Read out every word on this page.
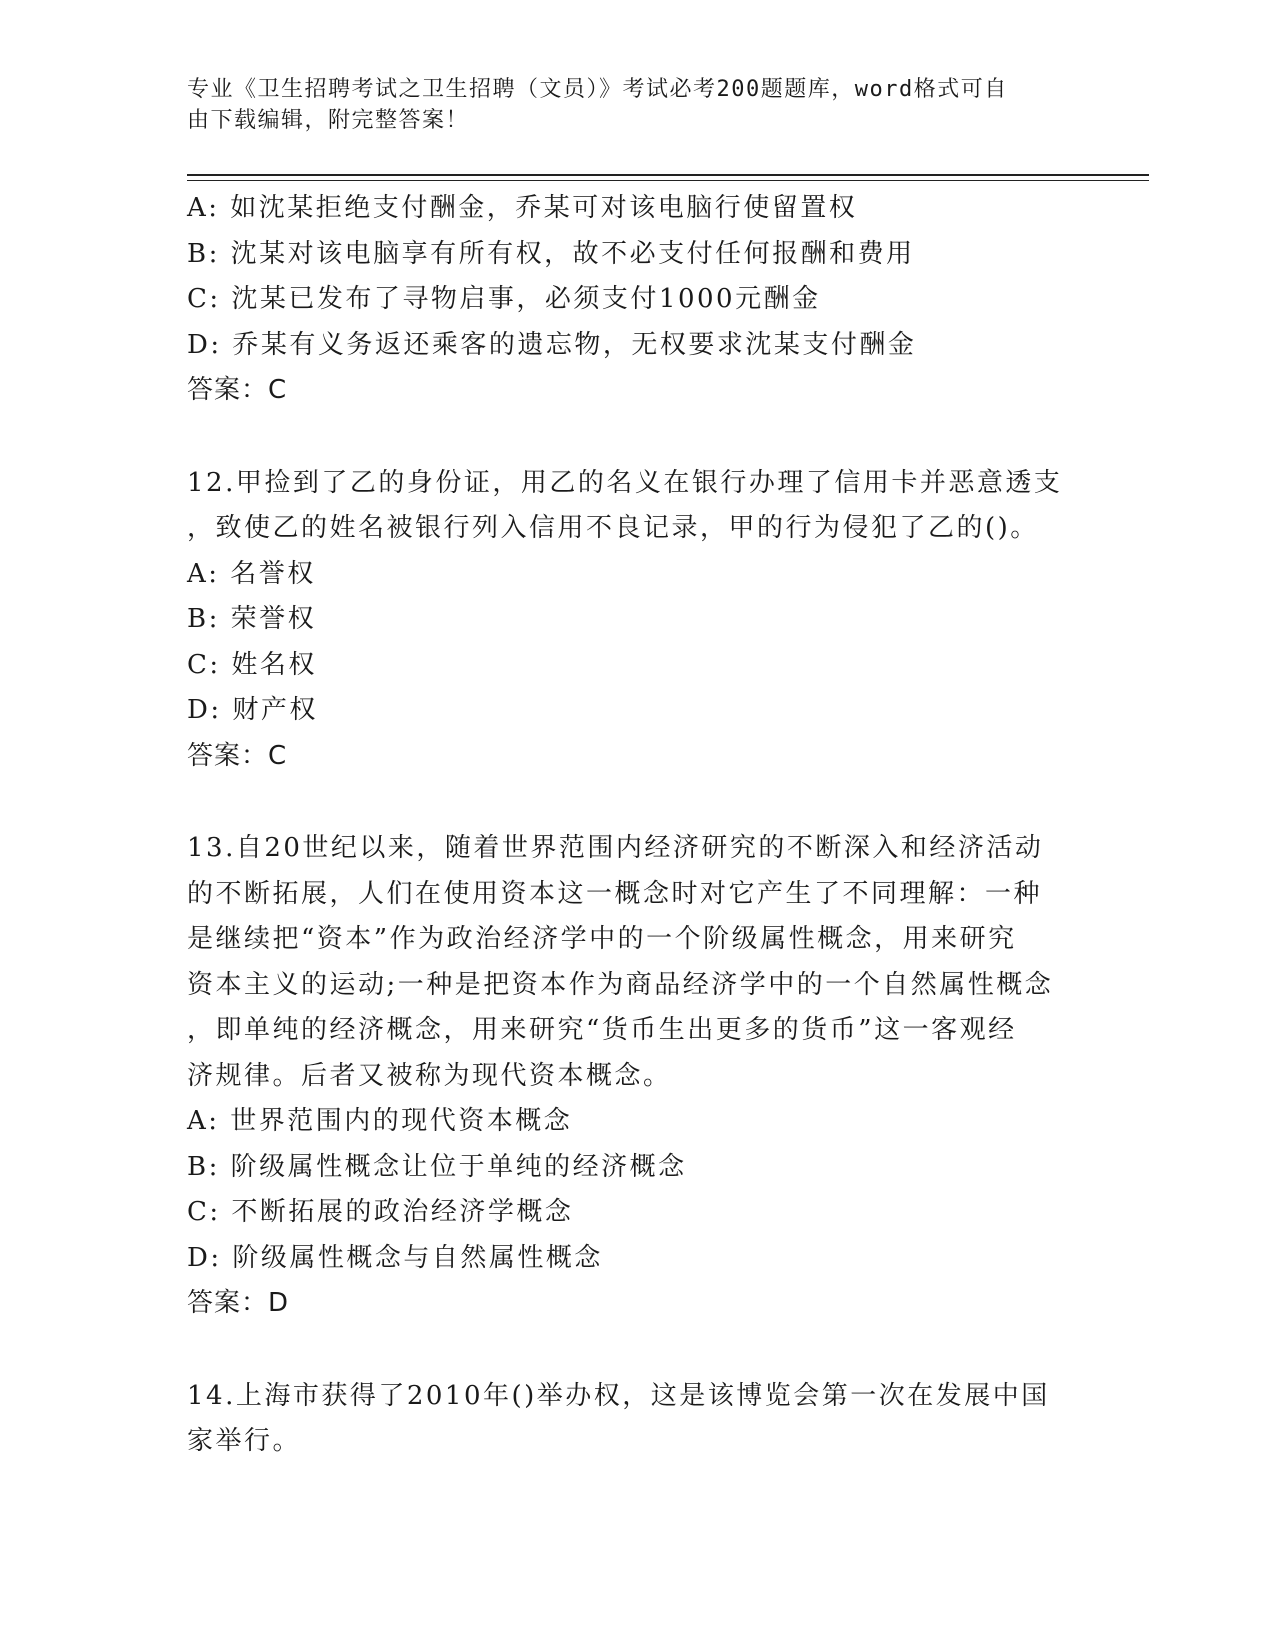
专业《卫生招聘考试之卫生招聘（文员）》考试必考200题题库，word格式可自
由下载编辑，附完整答案！
A: 如沈某拒绝支付酬金，乔某可对该电脑行使留置权
B: 沈某对该电脑享有所有权，故不必支付任何报酬和费用
C: 沈某已发布了寻物启事，必须支付1000元酬金
D: 乔某有义务返还乘客的遗忘物，无权要求沈某支付酬金
答案：C
12.甲捡到了乙的身份证，用乙的名义在银行办理了信用卡并恶意透支
，致使乙的姓名被银行列入信用不良记录，甲的行为侵犯了乙的()。
A: 名誉权
B: 荣誉权
C: 姓名权
D: 财产权
答案：C
13.自20世纪以来，随着世界范围内经济研究的不断深入和经济活动
的不断拓展，人们在使用资本这一概念时对它产生了不同理解：一种
是继续把“资本”作为政治经济学中的一个阶级属性概念，用来研究
资本主义的运动;一种是把资本作为商品经济学中的一个自然属性概念
，即单纯的经济概念，用来研究“货币生出更多的货币”这一客观经
济规律。后者又被称为现代资本概念。
A: 世界范围内的现代资本概念
B: 阶级属性概念让位于单纯的经济概念
C: 不断拓展的政治经济学概念
D: 阶级属性概念与自然属性概念
答案：D
14.上海市获得了2010年()举办权，这是该博览会第一次在发展中国
家举行。
